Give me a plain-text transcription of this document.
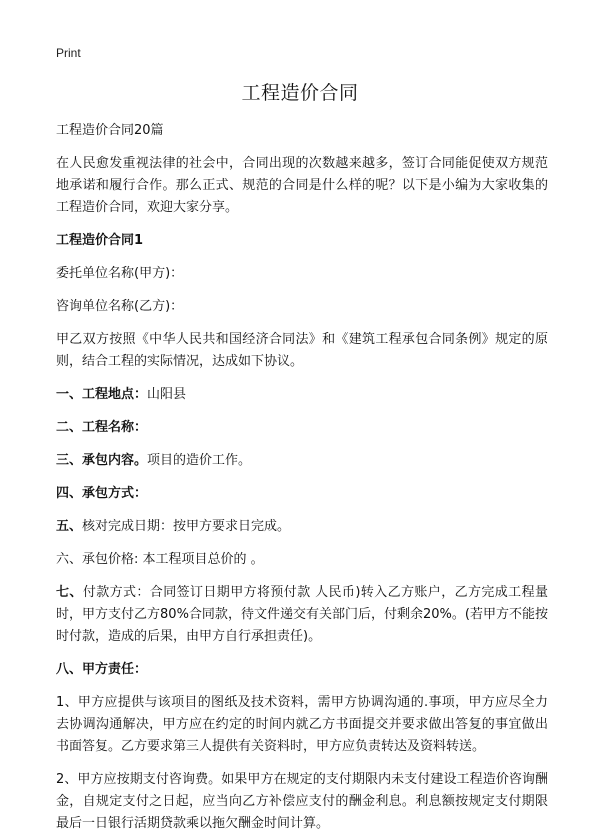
Print
工程造价合同

工程造价合同20篇

在人民愈发重视法律的社会中，合同出现的次数越来越多，签订合同能促使双方规范地承诺和履行合作。那么正式、规范的合同是什么样的呢？以下是小编为大家收集的工程造价合同，欢迎大家分享。

工程造价合同1

委托单位名称(甲方)：

咨询单位名称(乙方)：

甲乙双方按照《中华人民共和国经济合同法》和《建筑工程承包合同条例》规定的原则，结合工程的实际情况，达成如下协议。

一、工程地点：山阳县

二、工程名称：

三、承包内容。项目的造价工作。

四、承包方式：

五、核对完成日期：按甲方要求日完成。

六、承包价格: 本工程项目总价的 。

七、付款方式：合同签订日期甲方将预付款 人民币)转入乙方账户，乙方完成工程量时，甲方支付乙方80%合同款，待文件递交有关部门后，付剩余20%。(若甲方不能按时付款，造成的后果，由甲方自行承担责任)。

八、甲方责任：

1、甲方应提供与该项目的图纸及技术资料，需甲方协调沟通的.事项，甲方应尽全力去协调沟通解决，甲方应在约定的时间内就乙方书面提交并要求做出答复的事宜做出书面答复。乙方要求第三人提供有关资料时，甲方应负责转达及资料转送。

2、甲方应按期支付咨询费。如果甲方在规定的支付期限内未支付建设工程造价咨询酬金，自规定支付之日起，应当向乙方补偿应支付的酬金利息。利息额按规定支付期限最后一日银行活期贷款乘以拖欠酬金时间计算。
